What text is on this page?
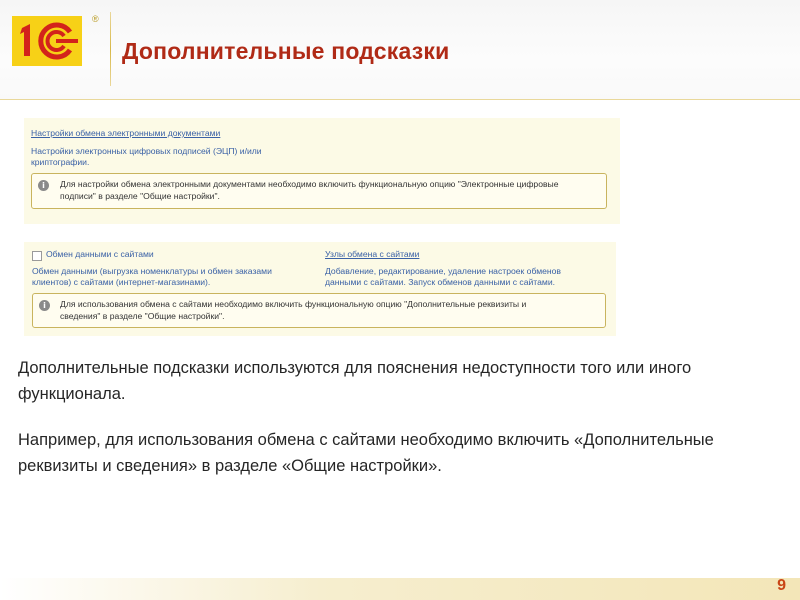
®
Дополнительные подсказки
Настройки обмена электронными документами
Настройки электронных цифровых подписей (ЭЦП) и/или
криптографии.
i	Для настройки обмена электронными документами необходимо включить функциональную опцию "Электронные цифровые
подписи" в разделе "Общие настройки".
Обмен данными с сайтами
Обмен данными (выгрузка номенклатуры и обмен заказами
клиентов) с сайтами (интернет-магазинами).
Узлы обмена с сайтами
Добавление, редактирование, удаление настроек обменов
данными с сайтами. Запуск обменов данными с сайтами.
i	Для использования обмена с сайтами необходимо включить функциональную опцию "Дополнительные реквизиты и
сведения" в разделе "Общие настройки".
Дополнительные подсказки используются для пояснения недоступности того или иного функционала.
Например, для использования обмена с сайтами необходимо включить «Дополнительные реквизиты и сведения» в разделе «Общие настройки».
9
